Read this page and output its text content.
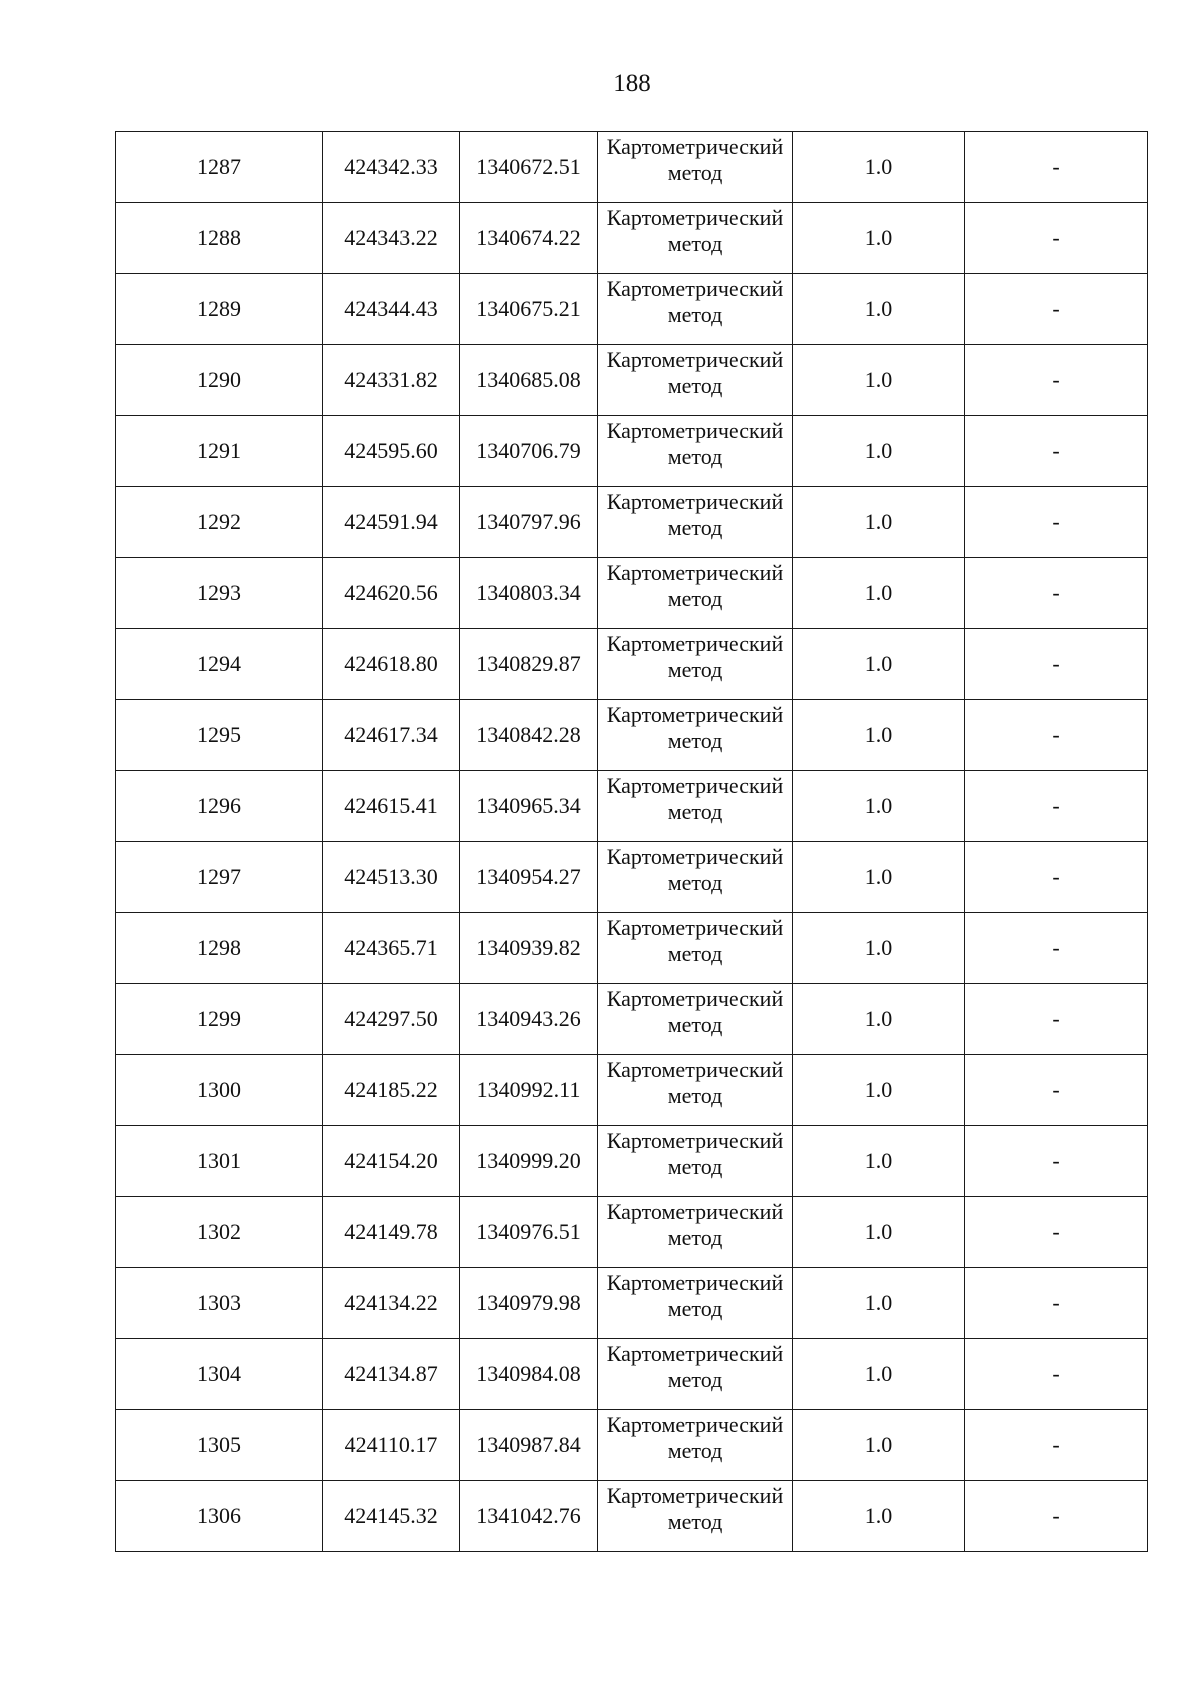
188
1287	424342.33	1340672.51	Картометрический
метод	1.0	-
1288	424343.22	1340674.22	Картометрический
метод	1.0	-
1289	424344.43	1340675.21	Картометрический
метод	1.0	-
1290	424331.82	1340685.08	Картометрический
метод	1.0	-
1291	424595.60	1340706.79	Картометрический
метод	1.0	-
1292	424591.94	1340797.96	Картометрический
метод	1.0	-
1293	424620.56	1340803.34	Картометрический
метод	1.0	-
1294	424618.80	1340829.87	Картометрический
метод	1.0	-
1295	424617.34	1340842.28	Картометрический
метод	1.0	-
1296	424615.41	1340965.34	Картометрический
метод	1.0	-
1297	424513.30	1340954.27	Картометрический
метод	1.0	-
1298	424365.71	1340939.82	Картометрический
метод	1.0	-
1299	424297.50	1340943.26	Картометрический
метод	1.0	-
1300	424185.22	1340992.11	Картометрический
метод	1.0	-
1301	424154.20	1340999.20	Картометрический
метод	1.0	-
1302	424149.78	1340976.51	Картометрический
метод	1.0	-
1303	424134.22	1340979.98	Картометрический
метод	1.0	-
1304	424134.87	1340984.08	Картометрический
метод	1.0	-
1305	424110.17	1340987.84	Картометрический
метод	1.0	-
1306	424145.32	1341042.76	Картометрический
метод	1.0	-
